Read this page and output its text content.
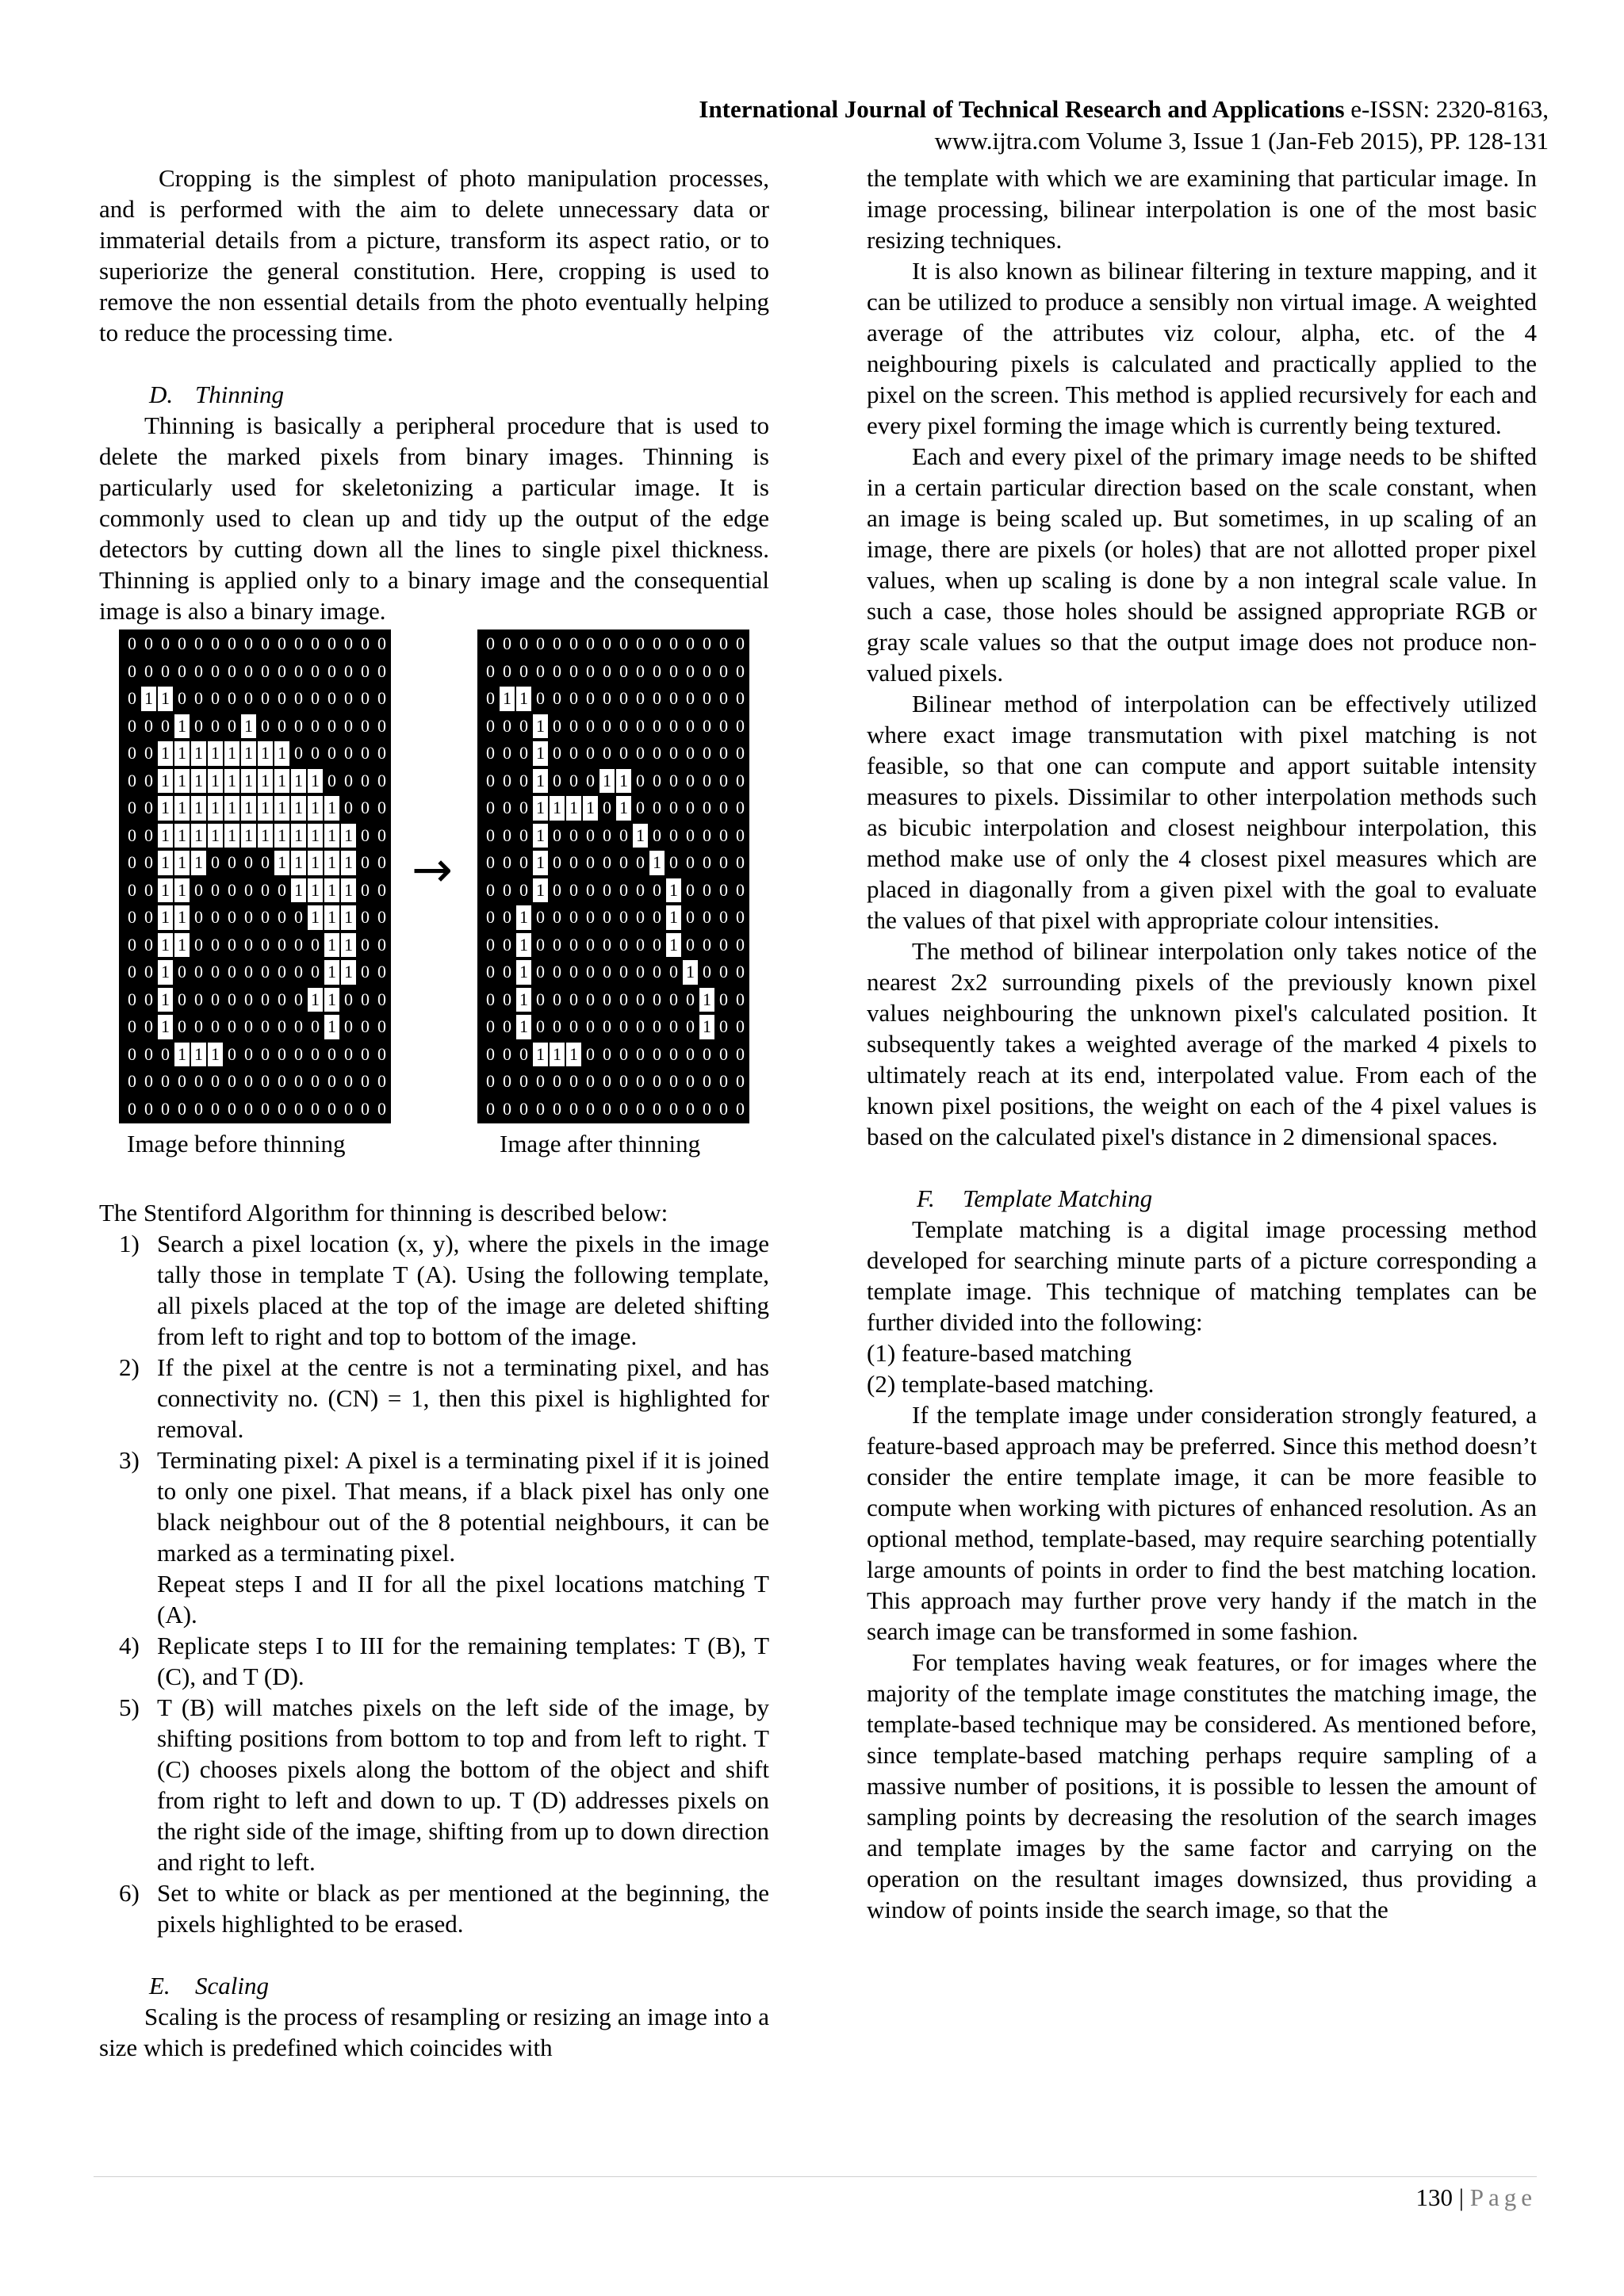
International Journal of Technical Research and Applications e-ISSN: 2320-8163,
www.ijtra.com Volume 3, Issue 1 (Jan-Feb 2015), PP. 128-131

Cropping is the simplest of photo manipulation processes, and is performed with the aim to delete unnecessary data or immaterial details from a picture, transform its aspect ratio, or to superiorize the general constitution. Here, cropping is used to remove the non essential details from the photo eventually helping to reduce the processing time.

D. Thinning

Thinning is basically a peripheral procedure that is used to delete the marked pixels from binary images. Thinning is particularly used for skeletonizing a particular image. It is commonly used to clean up and tidy up the output of the edge detectors by cutting down all the lines to single pixel thickness. Thinning is applied only to a binary image and the consequential image is also a binary image.

0 0 0 0 0 0 0 0 0 0 0 0 0 0 0 0
0 0 0 0 0 0 0 0 0 0 0 0 0 0 0 0
0 1 1 0 0 0 0 0 0 0 0 0 0 0 0 0
0 0 0 1 0 0 0 1 0 0 0 0 0 0 0 0
0 0 1 1 1 1 1 1 1 1 0 0 0 0 0 0
0 0 1 1 1 1 1 1 1 1 1 1 0 0 0 0
0 0 1 1 1 1 1 1 1 1 1 1 1 0 0 0
0 0 1 1 1 1 1 1 1 1 1 1 1 1 0 0
0 0 1 1 1 0 0 0 0 1 1 1 1 1 0 0
0 0 1 1 0 0 0 0 0 0 1 1 1 1 0 0
0 0 1 1 0 0 0 0 0 0 0 1 1 1 0 0
0 0 1 1 0 0 0 0 0 0 0 0 1 1 0 0
0 0 1 0 0 0 0 0 0 0 0 0 1 1 0 0
0 0 1 0 0 0 0 0 0 0 0 1 1 0 0 0
0 0 1 0 0 0 0 0 0 0 0 0 1 0 0 0
0 0 0 1 1 1 0 0 0 0 0 0 0 0 0 0
0 0 0 0 0 0 0 0 0 0 0 0 0 0 0 0
0 0 0 0 0 0 0 0 0 0 0 0 0 0 0 0
→
0 0 0 0 0 0 0 0 0 0 0 0 0 0 0 0
0 0 0 0 0 0 0 0 0 0 0 0 0 0 0 0
0 1 1 0 0 0 0 0 0 0 0 0 0 0 0 0
0 0 0 1 0 0 0 0 0 0 0 0 0 0 0 0
0 0 0 1 0 0 0 0 0 0 0 0 0 0 0 0
0 0 0 1 0 0 0 1 1 0 0 0 0 0 0 0
0 0 0 1 1 1 1 0 1 0 0 0 0 0 0 0
0 0 0 1 0 0 0 0 0 1 0 0 0 0 0 0
0 0 0 1 0 0 0 0 0 0 1 0 0 0 0 0
0 0 0 1 0 0 0 0 0 0 0 1 0 0 0 0
0 0 1 0 0 0 0 0 0 0 0 1 0 0 0 0
0 0 1 0 0 0 0 0 0 0 0 1 0 0 0 0
0 0 1 0 0 0 0 0 0 0 0 0 1 0 0 0
0 0 1 0 0 0 0 0 0 0 0 0 0 1 0 0
0 0 1 0 0 0 0 0 0 0 0 0 0 1 0 0
0 0 0 1 1 1 0 0 0 0 0 0 0 0 0 0
0 0 0 0 0 0 0 0 0 0 0 0 0 0 0 0
0 0 0 0 0 0 0 0 0 0 0 0 0 0 0 0
Image before thinning	Image after thinning

The Stentiford Algorithm for thinning is described below:

1) Search a pixel location (x, y), where the pixels in the image tally those in template T (A). Using the following template, all pixels placed at the top of the image are deleted shifting from left to right and top to bottom of the image.
2) If the pixel at the centre is not a terminating pixel, and has connectivity no. (CN) = 1, then this pixel is highlighted for removal.
3) Terminating pixel: A pixel is a terminating pixel if it is joined to only one pixel. That means, if a black pixel has only one black neighbour out of the 8 potential neighbours, it can be marked as a terminating pixel.
Repeat steps I and II for all the pixel locations matching T (A).
4) Replicate steps I to III for the remaining templates: T (B), T (C), and T (D).
5) T (B) will matches pixels on the left side of the image, by shifting positions from bottom to top and from left to right. T (C) chooses pixels along the bottom of the object and shift from right to left and down to up. T (D) addresses pixels on the right side of the image, shifting from up to down direction and right to left.
6) Set to white or black as per mentioned at the beginning, the pixels highlighted to be erased.

E. Scaling

Scaling is the process of resampling or resizing an image into a size which is predefined which coincides with

the template with which we are examining that particular image. In image processing, bilinear interpolation is one of the most basic resizing techniques.

It is also known as bilinear filtering in texture mapping, and it can be utilized to produce a sensibly non virtual image. A weighted average of the attributes viz colour, alpha, etc. of the 4 neighbouring pixels is calculated and practically applied to the pixel on the screen. This method is applied recursively for each and every pixel forming the image which is currently being textured.

Each and every pixel of the primary image needs to be shifted in a certain particular direction based on the scale constant, when an image is being scaled up. But sometimes, in up scaling of an image, there are pixels (or holes) that are not allotted proper pixel values, when up scaling is done by a non integral scale value. In such a case, those holes should be assigned appropriate RGB or gray scale values so that the output image does not produce non-valued pixels.

Bilinear method of interpolation can be effectively utilized where exact image transmutation with pixel matching is not feasible, so that one can compute and apport suitable intensity measures to pixels. Dissimilar to other interpolation methods such as bicubic interpolation and closest neighbour interpolation, this method make use of only the 4 closest pixel measures which are placed in diagonally from a given pixel with the goal to evaluate the values of that pixel with appropriate colour intensities.

The method of bilinear interpolation only takes notice of the nearest 2x2 surrounding pixels of the previously known pixel values neighbouring the unknown pixel's calculated position. It subsequently takes a weighted average of the marked 4 pixels to ultimately reach at its end, interpolated value. From each of the known pixel positions, the weight on each of the 4 pixel values is based on the calculated pixel's distance in 2 dimensional spaces.

F. Template Matching

Template matching is a digital image processing method developed for searching minute parts of a picture corresponding a template image. This technique of matching templates can be further divided into the following:

(1) feature-based matching

(2) template-based matching.

If the template image under consideration strongly featured, a feature-based approach may be preferred. Since this method doesn’t consider the entire template image, it can be more feasible to compute when working with pictures of enhanced resolution. As an optional method, template-based, may require searching potentially large amounts of points in order to find the best matching location. This approach may further prove very handy if the match in the search image can be transformed in some fashion.

For templates having weak features, or for images where the majority of the template image constitutes the matching image, the template-based technique may be considered. As mentioned before, since template-based matching perhaps require sampling of a massive number of positions, it is possible to lessen the amount of sampling points by decreasing the resolution of the search images and template images by the same factor and carrying on the operation on the resultant images downsized, thus providing a window of points inside the search image, so that the

130 | Page
